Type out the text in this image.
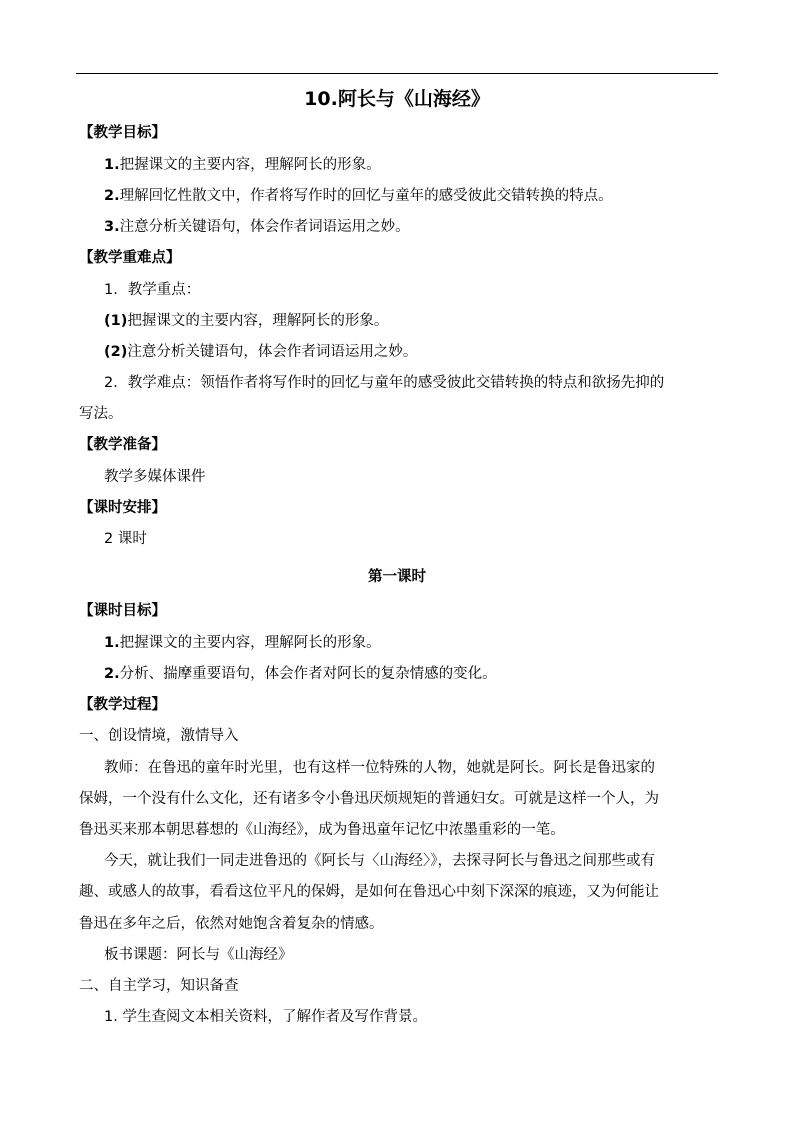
10.阿长与《山海经》
【教学目标】
1.把握课文的主要内容，理解阿长的形象。
2.理解回忆性散文中，作者将写作时的回忆与童年的感受彼此交错转换的特点。
3.注意分析关键语句，体会作者词语运用之妙。
【教学重难点】
1．教学重点：
(1)把握课文的主要内容，理解阿长的形象。
(2)注意分析关键语句，体会作者词语运用之妙。
2．教学难点：领悟作者将写作时的回忆与童年的感受彼此交错转换的特点和欲扬先抑的
写法。
【教学准备】
教学多媒体课件
【课时安排】
2 课时
第一课时
【课时目标】
1.把握课文的主要内容，理解阿长的形象。
2.分析、揣摩重要语句，体会作者对阿长的复杂情感的变化。
【教学过程】
一、创设情境，激情导入
教师：在鲁迅的童年时光里，也有这样一位特殊的人物，她就是阿长。阿长是鲁迅家的
保姆，一个没有什么文化，还有诸多令小鲁迅厌烦规矩的普通妇女。可就是这样一个人，为
鲁迅买来那本朝思暮想的《山海经》，成为鲁迅童年记忆中浓墨重彩的一笔。
今天，就让我们一同走进鲁迅的《阿长与〈山海经〉》，去探寻阿长与鲁迅之间那些或有
趣、或感人的故事，看看这位平凡的保姆，是如何在鲁迅心中刻下深深的痕迹，又为何能让
鲁迅在多年之后，依然对她饱含着复杂的情感。
板书课题：阿长与《山海经》
二、自主学习，知识备查
1. 学生查阅文本相关资料，了解作者及写作背景。
